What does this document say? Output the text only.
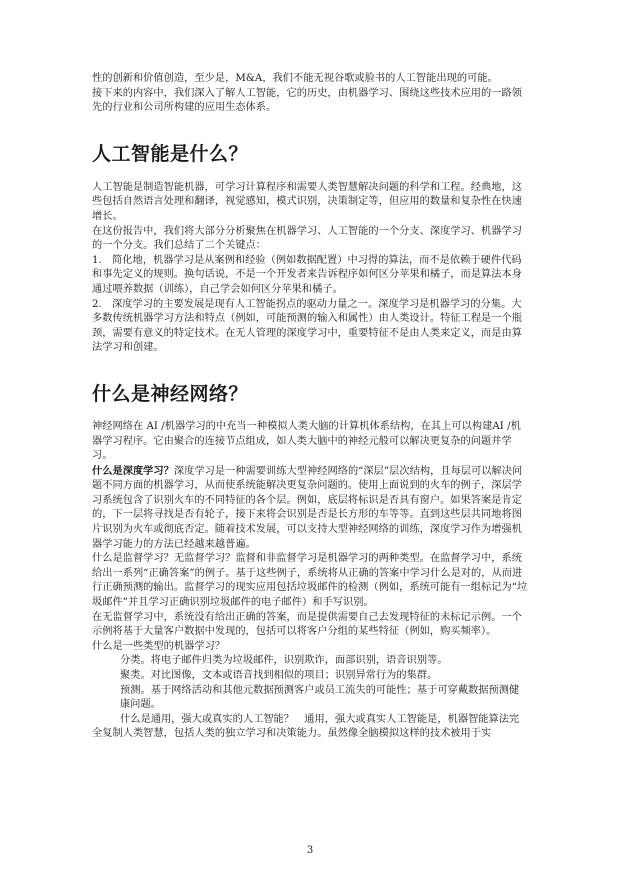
性的创新和价值创造，至少是，M&A，我们不能无视谷歌或脸书的人工智能出现的可能。

接下来的内容中，我们深入了解人工智能，它的历史，由机器学习、围绕这些技术应用的一路领先的行业和公司所构建的应用生态体系。

人工智能是什么？

人工智能是制造智能机器，可学习计算程序和需要人类智慧解决问题的科学和工程。经典地，这些包括自然语言处理和翻译，视觉感知，模式识别，决策制定等，但应用的数量和复杂性在快速增长。

在这份报告中，我们将大部分分析聚焦在机器学习、人工智能的一个分支、深度学习、机器学习的一个分支。我们总结了二个关键点：

1.　简化地，机器学习是从案例和经验（例如数据配置）中习得的算法，而不是依赖于硬件代码和事先定义的规则。换句话说，不是一个开发者来告诉程序如何区分苹果和橘子，而是算法本身通过喂养数据（训练），自己学会如何区分苹果和橘子。

2.　深度学习的主要发展是现有人工智能拐点的驱动力量之一。深度学习是机器学习的分集。大多数传统机器学习方法和特点（例如，可能预测的输入和属性）由人类设计。特征工程是一个瓶颈，需要有意义的特定技术。在无人管理的深度学习中，重要特征不是由人类来定义，而是由算法学习和创建。

什么是神经网络？

神经网络在 AI /机器学习的中充当一种模拟人类大脑的计算机体系结构，在其上可以构建AI /机器学习程序。它由聚合的连接节点组成，如人类大脑中的神经元般可以解决更复杂的问题并学习。

什么是深度学习？深度学习是一种需要训练大型神经网络的“深层”层次结构，且每层可以解决问题不同方面的机器学习，从而使系统能解决更复杂问题的。使用上面说到的火车的例子，深层学习系统包含了识别火车的不同特征的各个层。例如，底层将标识是否具有窗户。如果答案是肯定的，下一层将寻找是否有轮子，接下来将会识别是否是长方形的车等等。直到这些层共同地将图片识别为火车或彻底否定。随着技术发展，可以支持大型神经网络的训练，深度学习作为增强机器学习能力的方法已经越来越普遍。

什么是监督学习？无监督学习？监督和非监督学习是机器学习的两种类型。在监督学习中，系统给出一系列“正确答案”的例子。基于这些例子，系统将从正确的答案中学习什么是对的，从而进行正确预测的输出。监督学习的现实应用包括垃圾邮件的检测（例如，系统可能有一组标记为“垃圾邮件”并且学习正确识别垃圾邮件的电子邮件）和手写识别。

在无监督学习中，系统没有给出正确的答案，而是提供需要自己去发现特征的未标记示例。一个示例将基于大量客户数据中发现的，包括可以将客户分组的某些特征（例如，购买频率）。

什么是一些类型的机器学习？

分类。将电子邮件归类为垃圾邮件，识别欺诈，面部识别，语音识别等。

聚类。对比图像，文本或语音找到相似的项目；识别异常行为的集群。

预测。基于网络活动和其他元数据预测客户或员工流失的可能性；基于可穿戴数据预测健康问题。

什么是通用，强大或真实的人工智能？　通用，强大或真实人工智能是，机器智能算法完全复制人类智慧，包括人类的独立学习和决策能力。虽然像全脑模拟这样的技术被用于实

3
